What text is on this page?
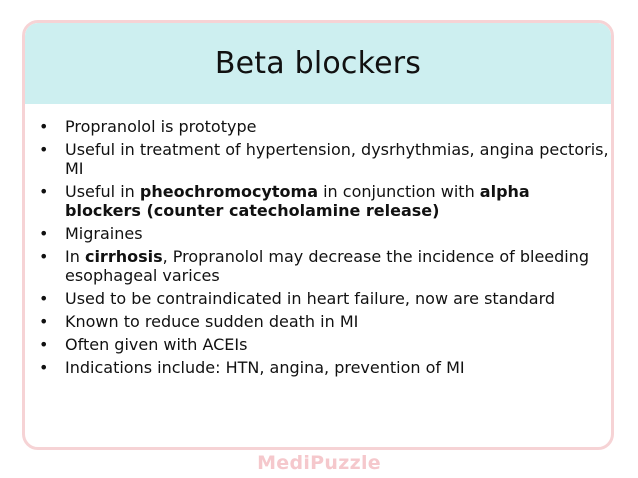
Beta blockers
• Propranolol is prototype
• Useful in treatment of hypertension, dysrhythmias, angina pectoris, MI
• Useful in pheochromocytoma in conjunction with alpha blockers (counter catecholamine release)
• Migraines
• In cirrhosis, Propranolol may decrease the incidence of bleeding esophageal varices
• Used to be contraindicated in heart failure, now are standard
• Known to reduce sudden death in MI
• Often given with ACEIs
• Indications include: HTN, angina, prevention of MI
MediPuzzle
